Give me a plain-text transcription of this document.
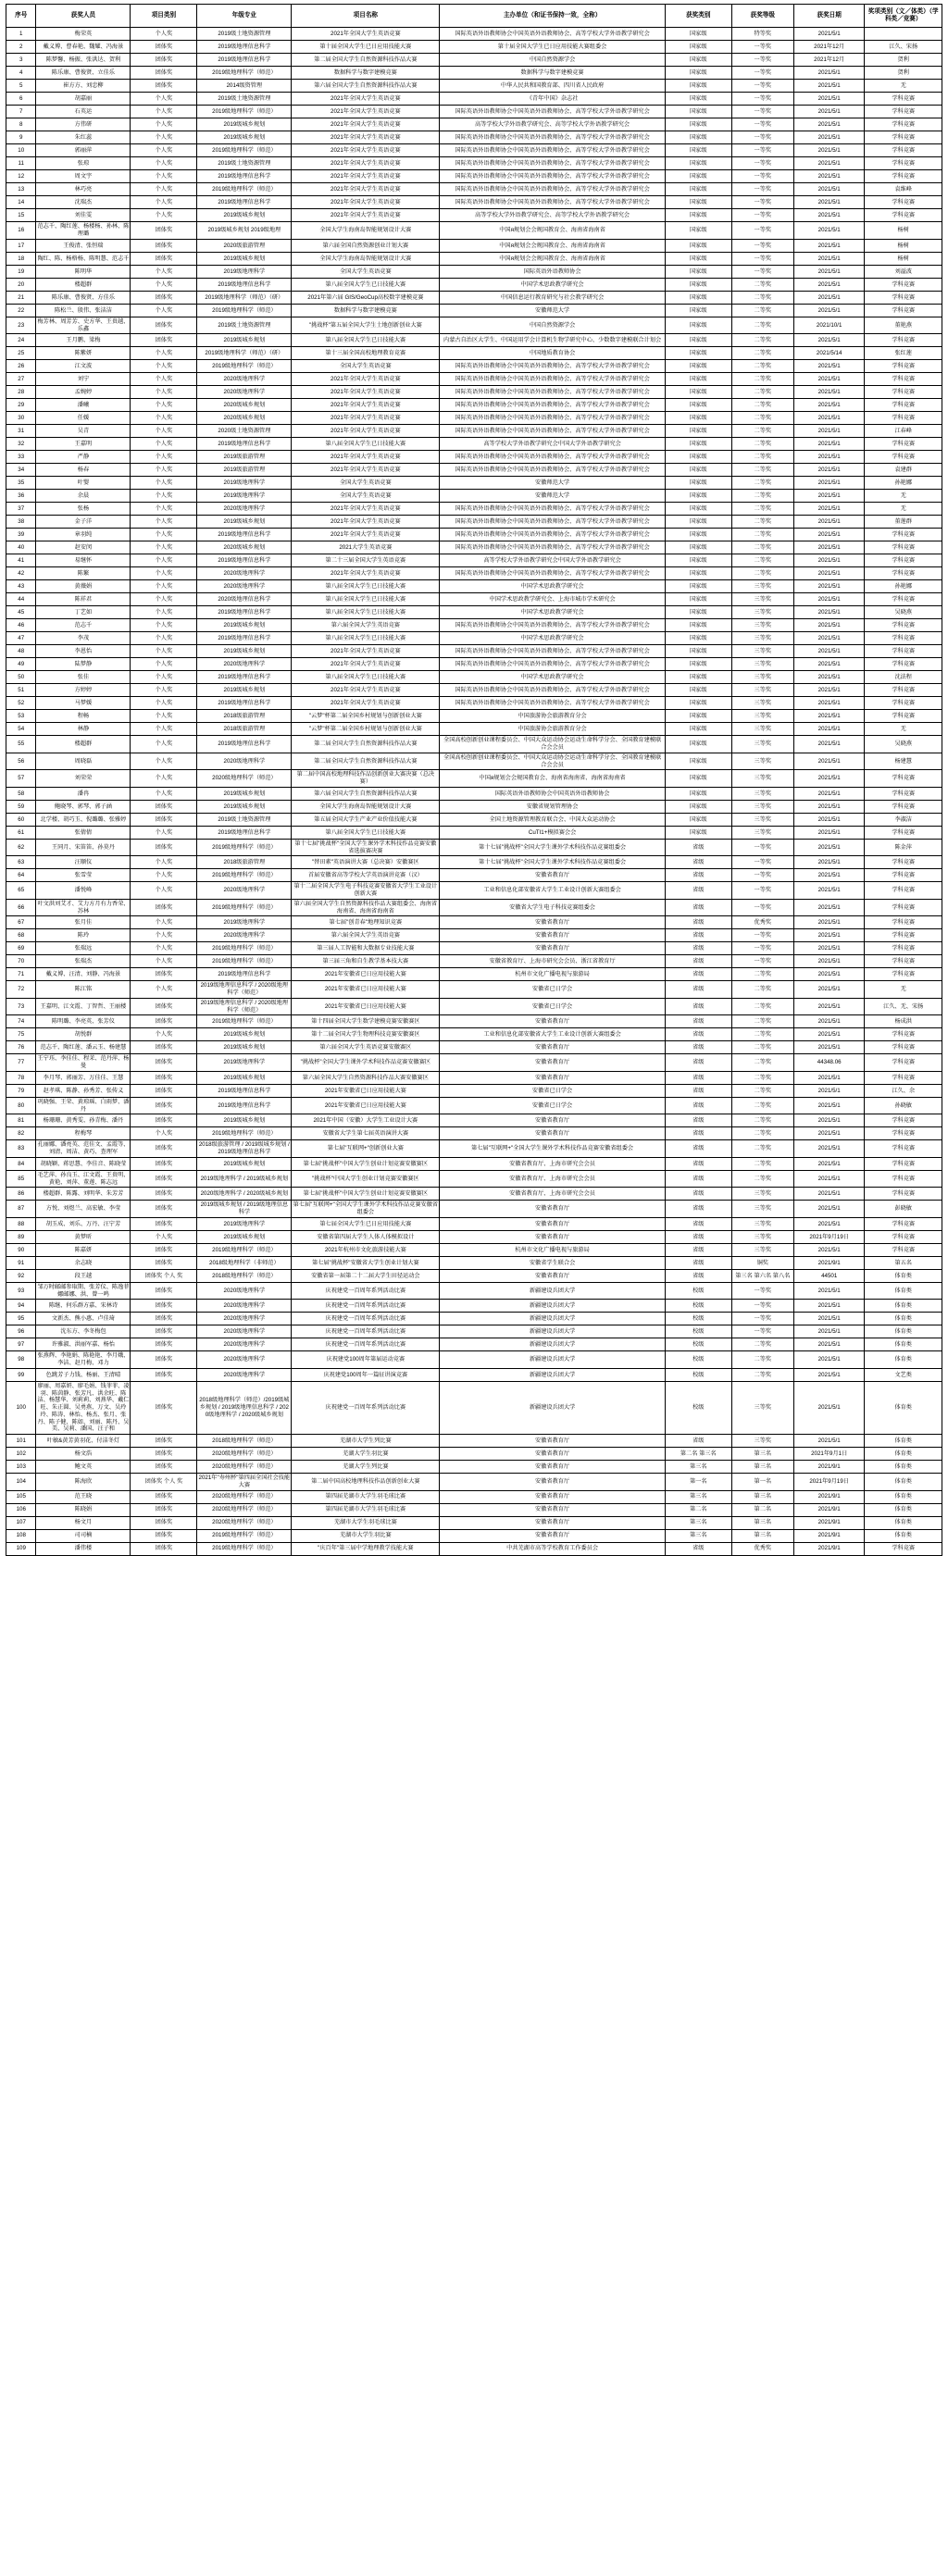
序号	获奖人员	项目类别	年级专业	项目名称	主办单位（和证书保持一致，全称）	获奖类别	获奖等级	获奖日期	奖项类别（文／体类）（学科类／竞赛）
1	梅荣英	个人奖	2019级土地资源管理	2021年全国大学生英语竞赛	国际英语外语教师协会中国英语外语教师协会、高等学校大学外语教学研究会	国家级	特等奖	2021/5/1	
2	戴义博、曹春艳、魏耀、冯海景	团体奖	2019级地理信息科学	第十届全国大学生已日应用技能大赛	第十届全国大学生已日应用技能大赛组委会	国家级	一等奖	2021年12月	江久、宋扬
3	陈梦馨、杨振、张洪达、贺利	团体奖	2019级地理信息科学	第二届全国大学生自然资源科技作品大赛	中国自然资源学会	国家级	一等奖	2021年12月	贺利
4	陈乐康、曹俊贤、立佳乐	团体奖	2019级地理科学（师范）	数据科学与数字建模竞赛	数据科学与数字建模竞赛	国家级	一等奖	2021/5/1	贺利
5	崔方方、刘忠柳	团体奖	2014级资管理	第六届全国大学生自然资源科技作品大赛	中华人民共和国教育部、四川省人民政府	国家级	一等奖	2021/5/1	无
6	胡嘉丽	个人奖	2019级土地资源管理	2021年全国大学生英语竞赛	《青年中国》杂志社	国家级	一等奖	2021/5/1	学科竞赛
7	石英运	个人奖	2019级地理科学（师范）	2021年全国大学生英语竞赛	国际英语外语教师协会中国英语外语教师协会、高等学校大学外语教学研究会	国家级	一等奖	2021/5/1	学科竞赛
8	方伟研	个人奖	2019级城乡规划	2021年全国大学生英语竞赛	高等学校大学外语教学研究会、高等学校大学外语教学研究会	国家级	一等奖	2021/5/1	学科竞赛
9	朱红蕊	个人奖	2019级城乡规划	2021年全国大学生英语竞赛	国际英语外语教师协会中国英语外语教师协会、高等学校大学外语教学研究会	国家级	一等奖	2021/5/1	学科竞赛
10	郭丽萍	个人奖	2019级地理科学（师范）	2021年全国大学生英语竞赛	国际英语外语教师协会中国英语外语教师协会、高等学校大学外语教学研究会	国家级	一等奖	2021/5/1	学科竞赛
11	张琼	个人奖	2019级土地资源管理	2021年全国大学生英语竞赛	国际英语外语教师协会中国英语外语教师协会、高等学校大学外语教学研究会	国家级	一等奖	2021/5/1	学科竞赛
12	周文宇	个人奖	2019级地理信息科学	2021年全国大学生英语竞赛	国际英语外语教师协会中国英语外语教师协会、高等学校大学外语教学研究会	国家级	一等奖	2021/5/1	学科竞赛
13	林巧亮	个人奖	2019级地理科学（师范）	2021年全国大学生英语竞赛	国际英语外语教师协会中国英语外语教师协会、高等学校大学外语教学研究会	国家级	一等奖	2021/5/1	袁维峰
14	沈瑞杰	个人奖	2019级地理信息科学	2021年全国大学生英语竞赛	国际英语外语教师协会中国英语外语教师协会、高等学校大学外语教学研究会	国家级	一等奖	2021/5/1	学科竞赛
15	刘佳雯	个人奖	2019级城乡规划	2021年全国大学生英语竞赛	高等学校大学外语教学研究会、高等学校大学外语教学研究会	国家级	一等奖	2021/5/1	学科竞赛
16	范志千、陶红莲、杨楼杨、孙林、陈理璐	团体奖	2019级城乡规划 2019级地理	全国大学生海南岛智能规划设计大赛	中国я规划会会规国教育会、海南省海南省	国家级	一等奖	2021/5/1	杨树
17	王俊清、张恒瑞	团体奖	2020级旅游管理	第六届全国自然资源创业计划大赛	中国я规划会会规国教育会、海南省海南省	国家级	一等奖	2021/5/1	杨树
18	陶红、陈、杨格杨、陈明慧、范志千	团体奖	2019级城乡规划	全国大学生海南岛智能规划设计大赛	中国я规划会会规国教育会、海南省海南省	国家级	一等奖	2021/5/1	杨树
19	陈明华	个人奖	2019级地理科学	全国大学生英语竞赛	国际英语外语教师协会	国家级	一等奖	2021/5/1	刘溢波
20	楼超群	个人奖	2019级地理信息科学	第八届全国大学生已日技能大赛	中国学术思政教学研究会	国家级	二等奖	2021/5/1	学科竞赛
21	陈乐康、曹俊贤、方佳乐	团体奖	2019级地理科学（师范）（研）	2021年第六届 GIS/GeoCup高校数字建模竞赛	中国信息运行教育研究与社会教学研究会	国家级	二等奖	2021/5/1	学科竞赛
22	陈松兰、殷伟、张洁洁	个人奖	2019级地理科学（师范）	数据科学与数字建模竞赛	安徽师范大学	国家级	二等奖	2021/5/1	学科竞赛
23	梅芳林、周芳芳、史方华、王贵越、乐鑫	团体奖	2019级土地资源管理	"挑战杯"第五届全国大学生土地创新创业大赛	中国自然资源学会	国家级	二等奖	2021/10/1	董艳燕
24	王月鹏、梁梅	团体奖	2019级城乡规划	第八届全国大学生已日技能大赛	内蒙古自治区大学生、中国运用学会计算机生物学研究中心、少数数字建模联合计划会	国家级	二等奖	2021/5/1	学科竞赛
25	陈紫妍	个人奖	2019级地理科学（师范）（研）	第十三届全国高校地理教育竞赛	中国地质教育协会	国家级	二等奖	2021/5/14	张红莲
26	江文波	个人奖	2019级地理科学（师范）	全国大学生英语竞赛	国际英语外语教师协会中国英语外语教师协会、高等学校大学外语教学研究会	国家级	二等奖	2021/5/1	学科竞赛
27	刘宁	个人奖	2020级地理科学	2021年全国大学生英语竞赛	国际英语外语教师协会中国英语外语教师协会、高等学校大学外语教学研究会	国家级	二等奖	2021/5/1	学科竞赛
28	孟婉婷	个人奖	2020级地理科学	2021年全国大学生英语竞赛	国际英语外语教师协会中国英语外语教师协会、高等学校大学外语教学研究会	国家级	二等奖	2021/5/1	学科竞赛
29	潘曦	个人奖	2020级城乡规划	2021年全国大学生英语竞赛	国际英语外语教师协会中国英语外语教师协会、高等学校大学外语教学研究会	国家级	二等奖	2021/5/1	学科竞赛
30	任媛	个人奖	2020级城乡规划	2021年全国大学生英语竞赛	国际英语外语教师协会中国英语外语教师协会、高等学校大学外语教学研究会	国家级	二等奖	2021/5/1	学科竞赛
31	吴青	个人奖	2020级土地资源管理	2021年全国大学生英语竞赛	国际英语外语教师协会中国英语外语教师协会、高等学校大学外语教学研究会	国家级	二等奖	2021/5/1	江春峰
32	王嘉明	个人奖	2019级地理信息科学	第八届全国大学生已日技能大赛	高等学校大学外语教学研究会中国大学外语教学研究会	国家级	二等奖	2021/5/1	学科竞赛
33	严静	个人奖	2019级旅游管理	2021年全国大学生英语竞赛	国际英语外语教师协会中国英语外语教师协会、高等学校大学外语教学研究会	国家级	二等奖	2021/5/1	学科竞赛
34	杨春	个人奖	2019级旅游管理	2021年全国大学生英语竞赛	国际英语外语教师协会中国英语外语教师协会、高等学校大学外语教学研究会	国家级	二等奖	2021/5/1	袁建群
35	叶婴	个人奖	2019级地理科学	全国大学生英语竞赛	安徽师范大学	国家级	二等奖	2021/5/1	孙艳娜
36	余晨	个人奖	2019级地理科学	全国大学生英语竞赛	安徽师范大学	国家级	二等奖	2021/5/1	无
37	张杨	个人奖	2020级地理科学	2021年全国大学生英语竞赛	国际英语外语教师协会中国英语外语教师协会、高等学校大学外语教学研究会	国家级	二等奖	2021/5/1	无
38	金子洋	个人奖	2019级城乡规划	2021年全国大学生英语竞赛	国际英语外语教师协会中国英语外语教师协会、高等学校大学外语教学研究会	国家级	二等奖	2021/5/1	董莲群
39	章羽纯	个人奖	2019级地理信息科学	2021年全国大学生英语竞赛	国际英语外语教师协会中国英语外语教师协会、高等学校大学外语教学研究会	国家级	二等奖	2021/5/1	学科竞赛
40	赵安闵	个人奖	2020级城乡规划	2021大学生英语竞赛	国际英语外语教师协会中国英语外语教师协会、高等学校大学外语教学研究会	国家级	二等奖	2021/5/1	学科竞赛
41	易继怀	个人奖	2019级地理信息科学	第二十三届全国大学生英语竞赛	高等学校大学外语教学研究会中国大学外语教学研究会	国家级	二等奖	2021/5/1	学科竞赛
42	陈繁	个人奖	2020级地理科学	2021年全国大学生英语竞赛	国际英语外语教师协会中国英语外语教师协会、高等学校大学外语教学研究会	国家级	二等奖	2021/5/1	学科竞赛
43	黄薇娟	个人奖	2020级地理科学	第八届全国大学生已日技能大赛	中国学术思政教学研究会	国家级	三等奖	2021/5/1	孙艳娜
44	陈祥君	个人奖	2020级地理信息科学	第八届全国大学生已日技能大赛	中国学术思政教学研究会、上海市城市学术研究会	国家级	三等奖	2021/5/1	学科竞赛
45	丁艺如	个人奖	2019级地理信息科学	第八届全国大学生已日技能大赛	中国学术思政教学研究会	国家级	三等奖	2021/5/1	吴晓燕
46	范志千	个人奖	2019级城乡规划	第六届全国大学生英语竞赛	国际英语外语教师协会中国英语外语教师协会、高等学校大学外语教学研究会	国家级	三等奖	2021/5/1	学科竞赛
47	李茂	个人奖	2019级地理信息科学	第八届全国大学生已日技能大赛	中国学术思政教学研究会	国家级	三等奖	2021/5/1	学科竞赛
48	李恩怡	个人奖	2019级城乡规划	2021年全国大学生英语竞赛	国际英语外语教师协会中国英语外语教师协会、高等学校大学外语教学研究会	国家级	三等奖	2021/5/1	学科竞赛
49	陆梦静	个人奖	2020级地理科学	2021年全国大学生英语竞赛	国际英语外语教师协会中国英语外语教师协会、高等学校大学外语教学研究会	国家级	三等奖	2021/5/1	学科竞赛
50	张佳	个人奖	2019级地理信息科学	第八届全国大学生已日技能大赛	中国学术思政教学研究会	国家级	三等奖	2021/5/1	沈法程
51	方婷婷	个人奖	2019级城乡规划	2021年全国大学生英语竞赛	国际英语外语教师协会中国英语外语教师协会、高等学校大学外语教学研究会	国家级	三等奖	2021/5/1	学科竞赛
52	马梦媛	个人奖	2019级地理信息科学	2021年全国大学生英语竞赛	国际英语外语教师协会中国英语外语教师协会、高等学校大学外语教学研究会	国家级	三等奖	2021/5/1	学科竞赛
53	程畅	个人奖	2018级旅游管理	"云梦"杯第二届全国乡村规划与创新创业大赛	中国旅游协会旅游教育分会	国家级	三等奖	2021/5/1	学科竞赛
54	林静	个人奖	2018级旅游管理	"云梦"杯第二届全国乡村规划与创新创业大赛	中国旅游协会旅游教育分会	国家级	三等奖	2021/5/1	无
55	楼超群	个人奖	2019级地理信息科学	第二届全国大学生自然资源科技作品大赛	全国高校创新创业课程委员会、中国大众运动协会运动生命科学分会、全国教育建模联合会会员	国家级	三等奖	2021/5/1	吴晓燕
56	周晓磊	个人奖	2020级地理科学	第二届全国大学生自然资源科技作品大赛	全国高校创新创业课程委员会、中国大众运动协会运动生命科学分会、全国教育建模联合会会员	国家级	三等奖	2021/5/1	杨建慧
57	刘荣荣	个人奖	2020级地理科学（师范）	第二届中国高校地理科技作品创新创业大赛决赛（总决赛）	中国я规划会会规国教育会、海南省海南省、海南省海南省	国家级	三等奖	2021/5/1	学科竞赛
58	潘冉	个人奖	2019级城乡规划	第六届全国大学生自然资源科技作品大赛	国际英语外语教师协会中国英语外语教师协会	国家级	三等奖	2021/5/1	学科竞赛
59	鲍晓琴、郭琴、郭子涵	团体奖	2019级城乡规划	全国大学生海南岛智能规划设计大赛	安徽省规划管理协会	国家级	三等奖	2021/5/1	学科竞赛
60	北学楼、胡巧玉、倪璐璐、张雅婷	团体奖	2019级土地资源管理	第五届全国大学生产业产业价值技能大赛	全国土地资源管理教育联合会、中国大众运动协会	国家级	三等奖	2021/5/1	李淑洁
61	张倩倩	个人奖	2019级地理信息科学	第八届全国大学生已日技能大赛	CuTI1+模拟赛会会	国家级	三等奖	2021/5/1	学科竞赛
62	王同月、宋笛笛、孙莫丹	团体奖	2019级地理科学（师范）	第十七届"挑战杯"全国大学生课外学术科技作品竞赛安徽省选拔赛决赛	第十七届"挑战杯"全国大学生课外学术科技作品竞赛组委会	省级	一等奖	2021/5/1	陈金萍
63	汪顺仪	个人奖	2018级旅游管理	"替田素"英语演讲大赛（总决赛）安徽赛区	第十七届"挑战杯"全国大学生课外学术科技作品竞赛组委会	省级	一等奖	2021/5/1	学科竞赛
64	张雪莹	个人奖	2019级地理科学（师范）	首届安徽省高等学校大学英语演讲竞赛（汉）	安徽省教育厅	省级	一等奖	2021/5/1	学科竞赛
65	潘悦峰	个人奖	2020级地理科学	第十二届全国大学生电子科技竞赛安徽省大学生工业设计创新大赛	工业和信息化部安徽省大学生工业设计创新大赛组委会	省级	一等奖	2021/5/1	学科竞赛
66	叶文洪刘艾才、艾力方月有力香荣、苏林	团体奖	2019级地理科学（师范）	第六届全国大学生自然资源科技作品大赛组委会、海南省海南省、海南省海南省	安徽省大学生电子科技竞赛组委会	省级	一等奖	2021/5/1	学科竞赛
67	张月佳	个人奖	2019级地理科学	第七届"创青春"地理知识竞赛	安徽省教育厅	省级	优秀奖	2021/5/1	学科竞赛
68	陈玲	个人奖	2020级地理科学	第六届全国大学生英语竞赛	安徽省教育厅	省级	一等奖	2021/5/1	学科竞赛
69	张瑞远	个人奖	2019级地理科学（师范）	第三届人工智能和大数据专业技能大赛	安徽省教育厅	省级	一等奖	2021/5/1	学科竞赛
70	张瑞杰	个人奖	2019级地理科学（师范）	第三届三角和自生教学基本技大赛	安徽省教育厅、上海市研究会会员、浙江省教育厅	省级	一等奖	2021/5/1	学科竞赛
71	戴义博、汪清、刘静、冯海景	团体奖	2019级地理信息科学	2021年安徽省已日应用技能大赛	杭州市文化广播电视与旅游局	省级	二等奖	2021/5/1	学科竞赛
72	陈江铭	个人奖	2019级地理信息科学 / 2020级地理科学（师范）	2021年安徽省已日应用技能大赛	安徽省已日学会	省级	二等奖	2021/5/1	无
73	王嘉明、江文霞、丁智哲、王丽楼	团体奖	2019级地理信息科学 / 2020级地理科学（师范）	2021年安徽省已日应用技能大赛	安徽省已日学会	省级	二等奖	2021/5/1	江久、无、宋扬
74	陈明璐、李亮英、张芳仪	团体奖	2019级地理科学（师范）	第十四届全国大学生数学建模竞赛安徽赛区	安徽省教育厅	省级	二等奖	2021/5/1	杨成洪
75	胡悦群	个人奖	2019级城乡规划	第十二届全国大学生物理科技竞赛安徽赛区	工业和信息化部安徽省大学生工业设计创新大赛组委会	省级	二等奖	2021/5/1	学科竞赛
76	范志千、陶红莲、潘云玉、杨建慧	团体奖	2019级城乡规划	第六届全国大学生英语竞赛安徽赛区	安徽省教育厅	省级	二等奖	2021/5/1	学科竞赛
77	王宁珏、李佳佳、程茉、范丹萍、杨曼	团体奖	2019级地理科学	"挑战杯"全国大学生课外学术科技作品竞赛安徽赛区	安徽省教育厅	省级	二等奖	44348.06	学科竞赛
78	李月琴、郭丽芳、万佳佳、王慧	团体奖	2019级城乡规划	第六届全国大学生自然资源科技作品大赛安徽赛区	安徽省教育厅	省级	二等奖	2021/5/1	学科竞赛
79	赵孝琪、陈静、孙秀芳、张传义	团体奖	2019级地理信息科学	2021年安徽省已日应用技能大赛	安徽省已日学会	省级	二等奖	2021/5/1	江久、余
80	巩晓强、王荣、黄琼瑶、白雨梦、潘丹	团体奖	2019级地理信息科学	2021年安徽省已日应用技能大赛	安徽省已日学会	省级	二等奖	2021/5/1	孙晓敏
81	杨珊珊、黄秀雯、孙青梅、潘丹	团体奖	2019级城乡规划	2021年中国（安徽）大学生工业设计大赛	安徽省教育厅	省级	二等奖	2021/5/1	学科竞赛
82	程梅琴	个人奖	2019级地理科学（师范）	安徽省大学生第七届英语演讲大赛	安徽省教育厅	省级	二等奖	2021/5/1	学科竞赛
83	孔丽娜、潘亮英、范佳文、孟霞等、刘清、周洁、黄巧、查理军	团体奖	2018级旅游管理 / 2019级城乡规划 / 2019级地理信息科学	第七届"互联网+"创新创业大赛	第七届"互联网+"全国大学生课外学术科技作品竞赛安徽省组委会	省级	二等奖	2021/5/1	学科竞赛
84	胡晓颖、蒋思慧、李佳音、陈晓莹	团体奖	2019级城乡规划	第七届"挑战杯"中国大学生创业计划竞赛安徽赛区	安徽省教育厅、上海市研究会会员	省级	二等奖	2021/5/1	学科竞赛
85	毛艺萍、孙良玉、江文霞、王贵明、黄艳、刘萍、董莲、陈志远	团体奖	2019级地理科学 / 2019级城乡规划	"挑战杯"中国大学生创业计划竞赛安徽赛区	安徽省教育厅、上海市研究会会员	省级	二等奖	2021/5/1	学科竞赛
86	楼超群、陈露、刘明华、朱芳芳	团体奖	2020级地理科学 / 2020级城乡规划	第七届"挑战杯"中国大学生创业计划竞赛安徽赛区	安徽省教育厅、上海市研究会会员	省级	三等奖	2021/5/1	学科竞赛
87	方悦、刘煜兰、高宏敏、李莹	团体奖	2019级城乡规划 / 2019级地理信息科学	第七届"互联网+"全国大学生课外学术科技作品竞赛安徽省组委会	安徽省教育厅	省级	三等奖	2021/5/1	彭晓敏
88	胡玉成、刘乐、万丹、汪宁芳	团体奖	2019级地理科学	第七届全国大学生已日应用技能大赛	安徽省教育厅	省级	三等奖	2021/5/1	学科竞赛
89	黄梦昕	个人奖	2019级城乡规划	安徽省第四届大学生人体人体模拟设计	安徽省教育厅	省级	三等奖	2021年9月19日	学科竞赛
90	陈嘉妍	团体奖	2019级地理科学（师范）	2021年杭州市文化旅游技能大赛	杭州市文化广播电视与旅游局	省级	三等奖	2021/5/1	学科竞赛
91	余志晓	团体奖	2018级地理科学（非师范）	第七届"挑战杯"安徽省大学生创业计划大赛	安徽省学生联合会	省级	铜奖	2021/9/1	第五名
92	段王越	团体奖 个人 奖	2018级地理科学（师范）	安徽省第一届第二十二届大学生田径运动会	安徽省教育厅	省级	第三名 第六名 第八名	44501	体育类
93	邹万时邮邮参取期、张芳仪、陈逸菲娜邮娜、洪、曾一鸣	团体奖	2020级地理科学	庆祝建党一百周年系列活动比赛	新疆建设兵团大学	校级	一等奖	2021/5/1	体育类
94	陈继、何乐群方嘉、宋林诗	团体奖	2020级地理科学	庆祝建党一百周年系列活动比赛	新疆建设兵团大学	校级	一等奖	2021/5/1	体育类
95	文新杰、熊小惠、卢佳琦	团体奖	2020级地理科学	庆祝建党一百周年系列活动比赛	新疆建设兵团大学	校级	一等奖	2021/5/1	体育类
96	沈东方、李冬梅包	团体奖	2020级地理科学	庆祝建党一百周年系列活动比赛	新疆建设兵团大学	校级	一等奖	2021/5/1	体育类
97	许雅淑、洪丽军嘉、杨怡	团体奖	2020级地理科学	庆祝建党一百周年系列活动比赛	新疆建设兵团大学	校级	二等奖	2021/5/1	体育类
98	张燕辉、李艳娟、陈艳艳、李月娥、李洁、赵月梅、邓力	团体奖	2020级地理科学	庆祝建党100周年第届运动竞赛	新疆建设兵团大学	校级	二等奖	2021/5/1	体育类
99	色跳芳子力钱、杨丽、王清晴	团体奖	2020级地理科学	庆祝建党100周年一篇征讲演竞赛	新疆建设兵团大学	校级	二等奖	2021/5/1	文艺类
100	廖丽、周嘉妍、廖毛娟、钱菲菲、凌羽、陈茵静、张芳凡、洪余旺、陈洁、杨慧华、刘莉莉、刘燕华、戴仁旺、朱正圆、吴勇燕、万文、吴玲玲、陈涛、林怡、杨杰、张月、张丹、陈子健、陈如、刘丽、陈丹、吴美、吴莉、潘国、汪子和	团体奖	2018级地理科学（师范）/2019级城乡规划 / 2019级地理信息科学 / 2020级地理科学 / 2020级城乡规划	庆祝建党一百周年系列活动比赛	新疆建设兵团大学	校级	三等奖	2021/5/1	体育类
101	叶敏&黄芳黄羽花、付洁冬灯	团体奖	2018级地理科学（师范）	芜湖市大学生列比赛	安徽省教育厅	省级	三等奖	2021/5/1	体育类
102	杨文浩	团体奖	2020级地理科学（师范）	芜湖大学生羽比赛	安徽省教育厅	第二名 第三名	第三名	2021年9月1日	体育类
103	鲍文英	团体奖	2020级地理科学（师范）	芜湖大学生列比赛	安徽省教育厅	第三名	第三名	2021/9/1	体育类
104	陈海欣	团体奖 个人 奖	2021年"寿州杯"第四届全国社会技能大赛	第二届中国高校地理科技作品创新创业大赛	安徽省教育厅	第一名	第一名	2021年9月19日	体育类
105	范王晓	团体奖	2020级地理科学（师范）	第四届芜湖市大学生羽毛球比赛	安徽省教育厅	第三名	第三名	2021/9/1	体育类
106	陈晓娟	团体奖	2020级地理科学（师范）	第四届芜湖市大学生羽毛球比赛	安徽省教育厅	第二名	第二名	2021/9/1	体育类
107	杨文月	团体奖	2020级地理科学（师范）	芜湖市大学生羽毛球比赛	安徽省教育厅	第三名	第三名	2021/9/1	体育类
108	司司楠	团体奖	2019级地理科学（师范）	芜湖市大学生羽比赛	安徽省教育厅	第三名	第三名	2021/9/1	体育类
109	潘伟楼	团体奖	2019级地理科学（师范）	"庆百年"第三届中学地理教学技能大赛	中共芜湖市高等学校教育工作委员会	省级	优秀奖	2021/9/1	学科竞赛
